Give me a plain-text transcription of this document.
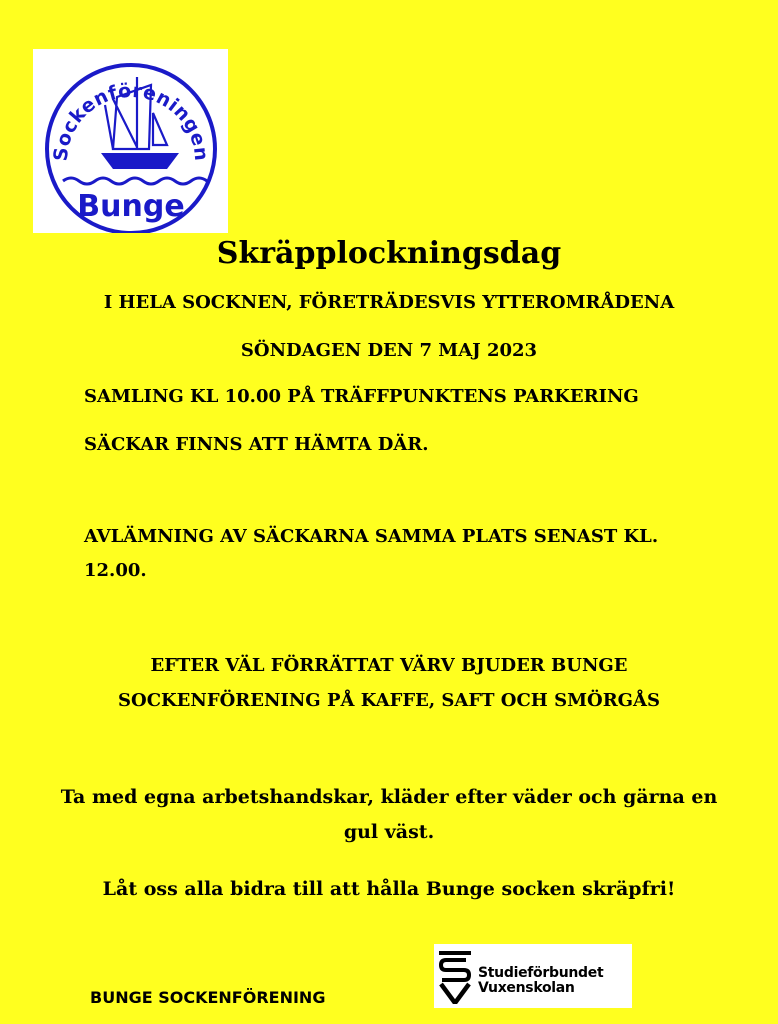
Sockenföreningen
Bunge
Skräpplockningsdag
I HELA SOCKNEN, FÖRETRÄDESVIS YTTEROMRÅDENA
SÖNDAGEN DEN 7 MAJ 2023
SAMLING KL 10.00 PÅ TRÄFFPUNKTENS PARKERING
SÄCKAR FINNS ATT HÄMTA DÄR.
AVLÄMNING AV SÄCKARNA SAMMA PLATS SENAST KL. 12.00.
EFTER VÄL FÖRRÄTTAT VÄRV BJUDER BUNGE SOCKENFÖRENING PÅ KAFFE, SAFT OCH SMÖRGÅS
Ta med egna arbetshandskar, kläder efter väder och gärna en gul väst.
Låt oss alla bidra till att hålla Bunge socken skräpfri!
BUNGE SOCKENFÖRENING
Studieförbundet
Vuxenskolan
